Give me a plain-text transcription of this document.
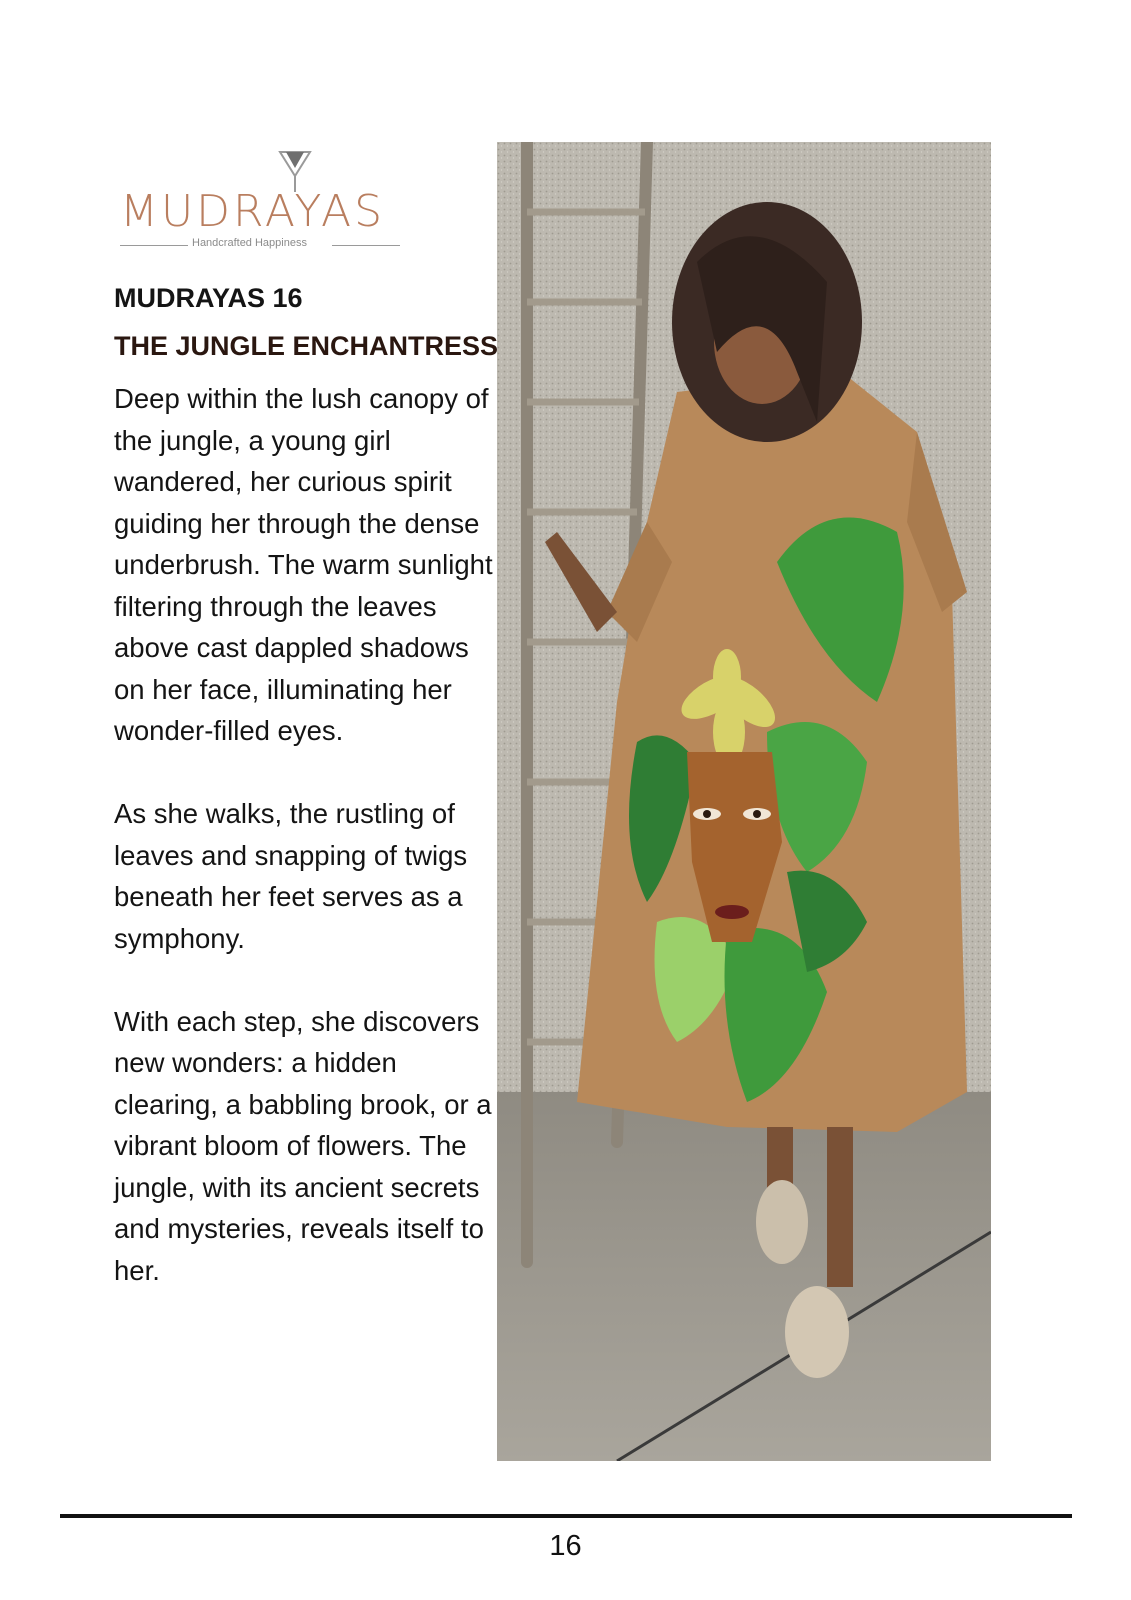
MUDRAYAS
Handcrafted Happiness
MUDRAYAS 16
THE JUNGLE ENCHANTRESS

Deep within the lush canopy of the jungle, a young girl wandered, her curious spirit guiding her through the dense underbrush. The warm sunlight filtering through the leaves above cast dappled shadows on her face, illuminating her wonder-filled eyes.

As she walks, the rustling of leaves and snapping of twigs beneath her feet serves as a symphony.

With each step, she discovers new wonders: a hidden clearing, a babbling brook, or a vibrant bloom of flowers. The jungle, with its ancient secrets and mysteries, reveals itself to her.

16
